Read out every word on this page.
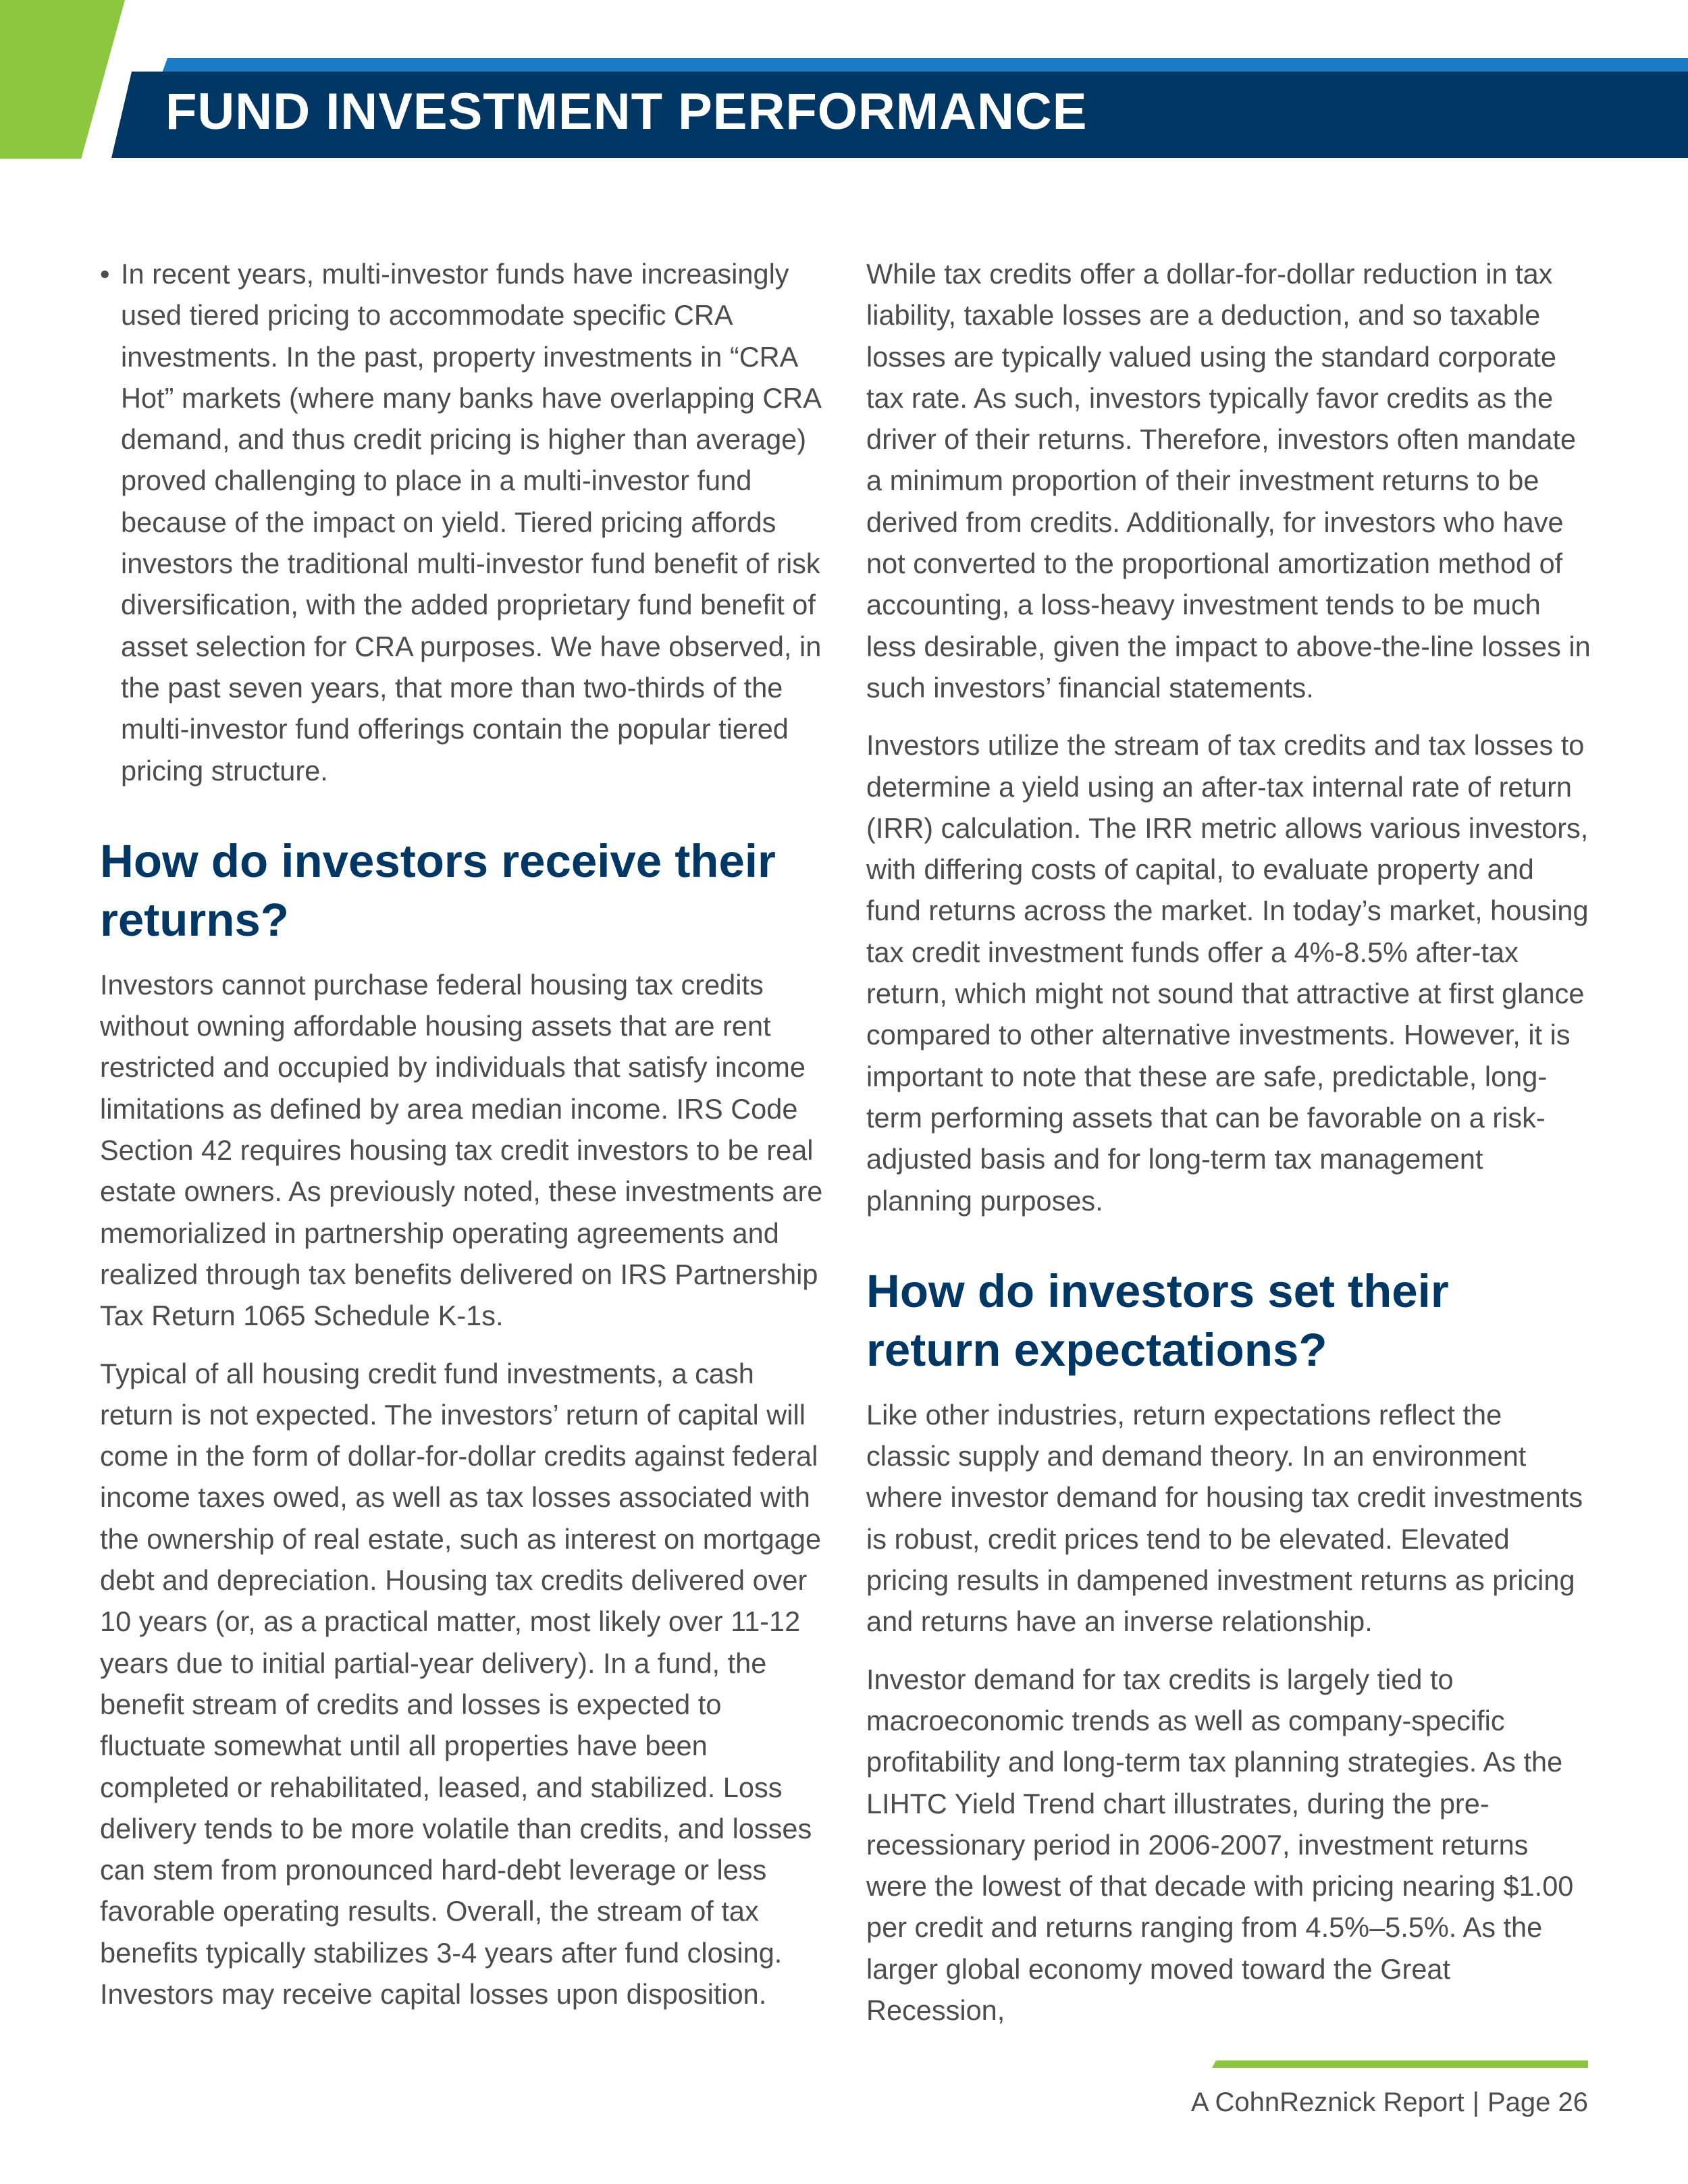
FUND INVESTMENT PERFORMANCE
• In recent years, multi-investor funds have increasingly used tiered pricing to accommodate specific CRA investments. In the past, property investments in “CRA Hot” markets (where many banks have overlapping CRA demand, and thus credit pricing is higher than average) proved challenging to place in a multi-investor fund because of the impact on yield. Tiered pricing affords investors the traditional multi-investor fund benefit of risk diversification, with the added proprietary fund benefit of asset selection for CRA purposes. We have observed, in the past seven years, that more than two-thirds of the multi-investor fund offerings contain the popular tiered pricing structure.

How do investors receive their returns?

Investors cannot purchase federal housing tax credits without owning affordable housing assets that are rent restricted and occupied by individuals that satisfy income limitations as defined by area median income. IRS Code Section 42 requires housing tax credit investors to be real estate owners. As previously noted, these investments are memorialized in partnership operating agreements and realized through tax benefits delivered on IRS Partnership Tax Return 1065 Schedule K-1s.

Typical of all housing credit fund investments, a cash return is not expected. The investors’ return of capital will come in the form of dollar-for-dollar credits against federal income taxes owed, as well as tax losses associated with the ownership of real estate, such as interest on mortgage debt and depreciation. Housing tax credits delivered over 10 years (or, as a practical matter, most likely over 11-12 years due to initial partial-year delivery). In a fund, the benefit stream of credits and losses is expected to fluctuate somewhat until all properties have been completed or rehabilitated, leased, and stabilized. Loss delivery tends to be more volatile than credits, and losses can stem from pronounced hard-debt leverage or less favorable operating results. Overall, the stream of tax benefits typically stabilizes 3-4 years after fund closing. Investors may receive capital losses upon disposition.

While tax credits offer a dollar-for-dollar reduction in tax liability, taxable losses are a deduction, and so taxable losses are typically valued using the standard corporate tax rate. As such, investors typically favor credits as the driver of their returns. Therefore, investors often mandate a minimum proportion of their investment returns to be derived from credits. Additionally, for investors who have not converted to the proportional amortization method of accounting, a loss-heavy investment tends to be much less desirable, given the impact to above-the-line losses in such investors’ financial statements.

Investors utilize the stream of tax credits and tax losses to determine a yield using an after-tax internal rate of return (IRR) calculation. The IRR metric allows various investors, with differing costs of capital, to evaluate property and fund returns across the market. In today’s market, housing tax credit investment funds offer a 4%-8.5% after-tax return, which might not sound that attractive at first glance compared to other alternative investments. However, it is important to note that these are safe, predictable, long-term performing assets that can be favorable on a risk-adjusted basis and for long-term tax management planning purposes.

How do investors set their return expectations?

Like other industries, return expectations reflect the classic supply and demand theory. In an environment where investor demand for housing tax credit investments is robust, credit prices tend to be elevated. Elevated pricing results in dampened investment returns as pricing and returns have an inverse relationship.

Investor demand for tax credits is largely tied to macroeconomic trends as well as company-specific profitability and long-term tax planning strategies. As the LIHTC Yield Trend chart illustrates, during the pre-recessionary period in 2006-2007, investment returns were the lowest of that decade with pricing nearing $1.00 per credit and returns ranging from 4.5%–5.5%. As the larger global economy moved toward the Great Recession,

A CohnReznick Report | Page 26
